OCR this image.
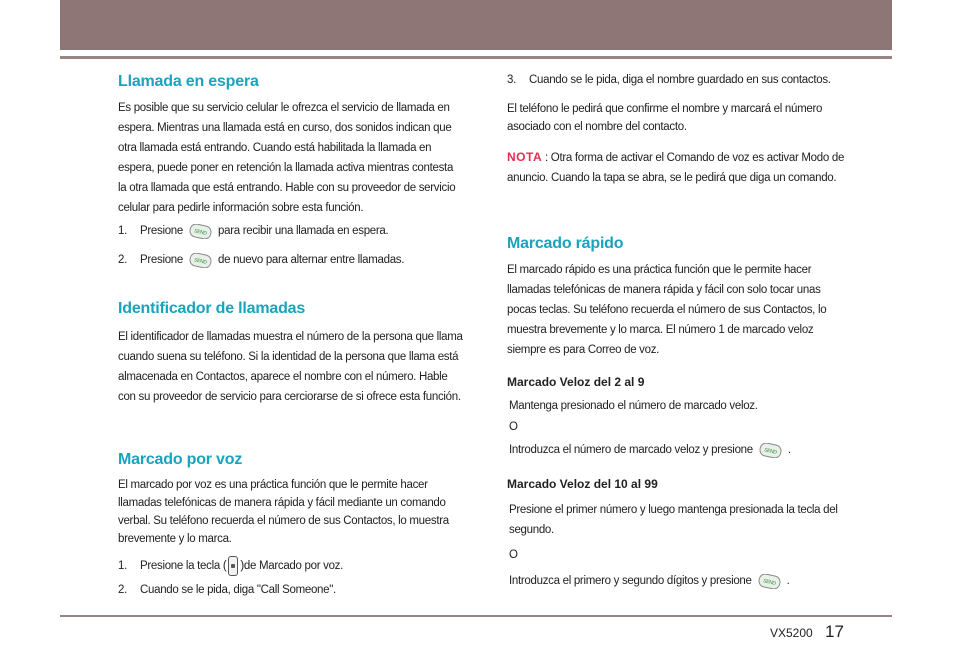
Llamada en espera

Es posible que su servicio celular le ofrezca el servicio de llamada en espera. Mientras una llamada está en curso, dos sonidos indican que otra llamada está entrando. Cuando está habilitada la llamada en espera, puede poner en retención la llamada activa mientras contesta la otra llamada que está entrando. Hable con su proveedor de servicio celular para pedirle información sobre esta función.

1.	Presione SEND para recibir una llamada en espera.
2.	Presione SEND de nuevo para alternar entre llamadas.
Identificador de llamadas

El identificador de llamadas muestra el número de la persona que llama cuando suena su teléfono. Si la identidad de la persona que llama está almacenada en Contactos, aparece el nombre con el número. Hable con su proveedor de servicio para cerciorarse de si ofrece esta función.

Marcado por voz

El marcado por voz es una práctica función que le permite hacer llamadas telefónicas de manera rápida y fácil mediante un comando verbal. Su teléfono recuerda el número de sus Contactos, lo muestra brevemente y lo marca.

1.	Presione la tecla ( )de Marcado por voz.
2.	Cuando se le pida, diga "Call Someone".
3.	Cuando se le pida, diga el nombre guardado en sus contactos.

El teléfono le pedirá que confirme el nombre y marcará el número asociado con el nombre del contacto.

NOTA : Otra forma de activar el Comando de voz es activar Modo de anuncio. Cuando la tapa se abra, se le pedirá que diga un comando.

Marcado rápido

El marcado rápido es una práctica función que le permite hacer llamadas telefónicas de manera rápida y fácil con solo tocar unas pocas teclas. Su teléfono recuerda el número de sus Contactos, lo muestra brevemente y lo marca. El número 1 de marcado veloz siempre es para Correo de voz.

Marcado Veloz del 2 al 9
Mantenga presionado el número de marcado veloz.
O
Introduzca el número de marcado veloz y presione SEND .
Marcado Veloz del 10 al 99

Presione el primer número y luego mantenga presionada la tecla del segundo.

O
Introduzca el primero y segundo dígitos y presione SEND .
VX5200 17
